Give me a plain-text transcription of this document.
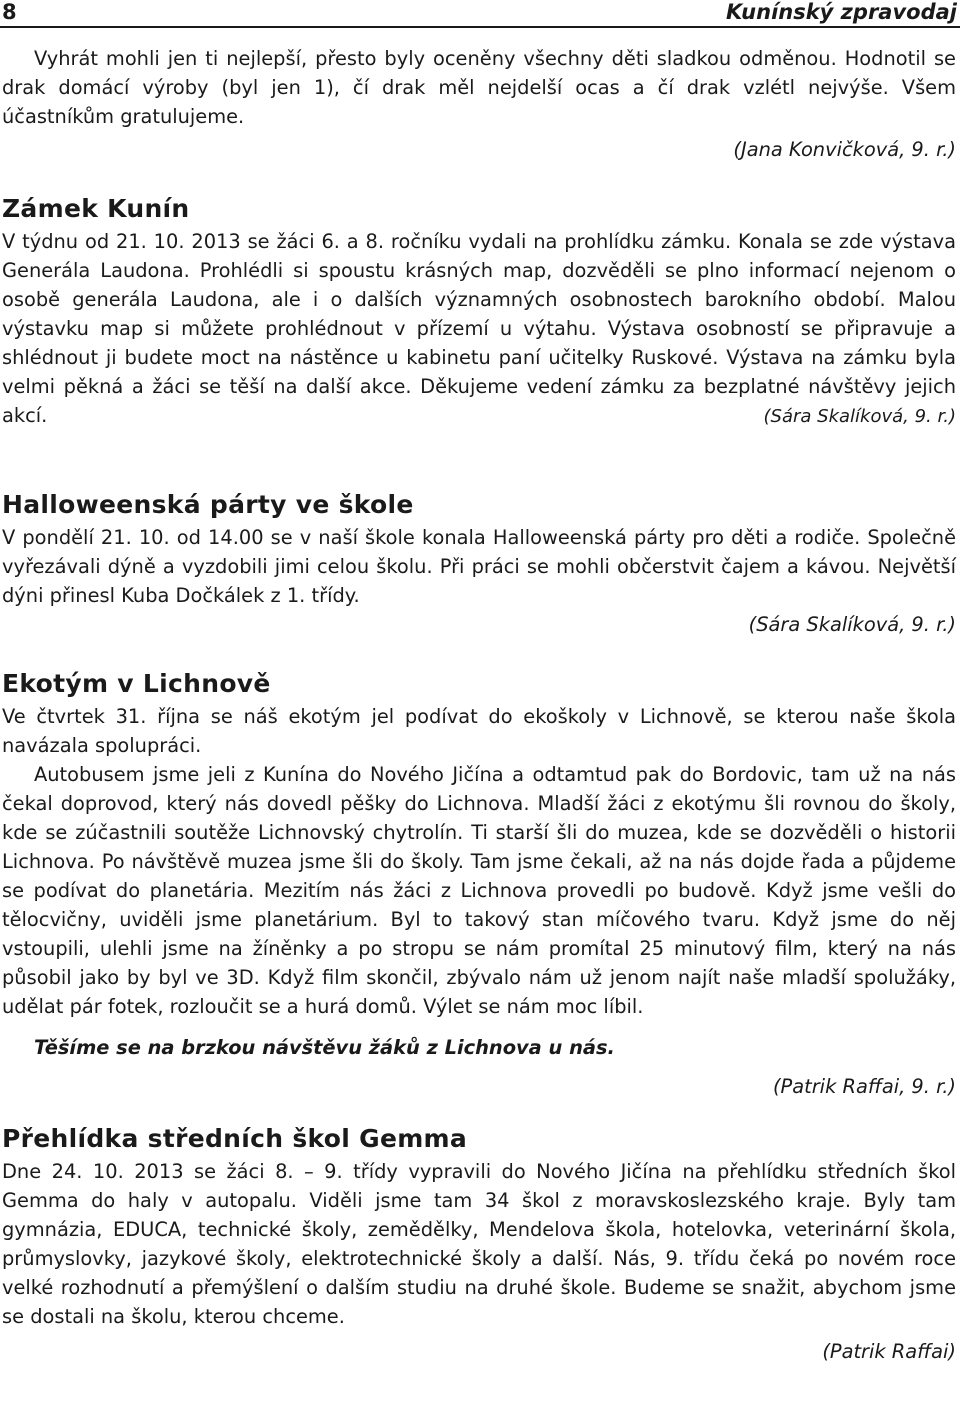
8	Kunínský zpravodaj

Vyhrát mohli jen ti nejlepší, přesto byly oceněny všechny děti sladkou odměnou. Hodnotil se drak domácí výroby (byl jen 1), čí drak měl nejdelší ocas a čí drak vzlétl nejvýše. Všem účastníkům gratulujeme.

(Jana Konvičková, 9. r.)

Zámek Kunín

V týdnu od 21. 10. 2013 se žáci 6. a 8. ročníku vydali na prohlídku zámku. Konala se zde výstava Generála Laudona. Prohlédli si spoustu krásných map, dozvěděli se plno informací nejenom o osobě generála Laudona, ale i o dalších významných osobnostech barokního období. Malou výstavku map si můžete prohlédnout v přízemí u výtahu. Výstava osobností se připravuje a shlédnout ji budete moct na nástěnce u kabinetu paní učitelky Ruskové. Výstava na zámku byla velmi pěkná a žáci se těší na další akce. Děkujeme vedení zámku za bezplatné návštěvy jejich akcí.	(Sára Skalíková, 9. r.)

Halloweenská párty ve škole

V pondělí 21. 10. od 14.00 se v naší škole konala Halloweenská párty pro děti a rodiče. Společně vyřezávali dýně a vyzdobili jimi celou školu. Při práci se mohli občerstvit čajem a kávou. Největší dýni přinesl Kuba Dočkálek z 1. třídy.

(Sára Skalíková, 9. r.)

Ekotým v Lichnově

Ve čtvrtek 31. října se náš ekotým jel podívat do ekoškoly v Lichnově, se kterou naše škola navázala spolupráci.

Autobusem jsme jeli z Kunína do Nového Jičína a odtamtud pak do Bordovic, tam už na nás čekal doprovod, který nás dovedl pěšky do Lichnova. Mladší žáci z ekotýmu šli rovnou do školy, kde se zúčastnili soutěže Lichnovský chytrolín. Ti starší šli do muzea, kde se dozvěděli o historii Lichnova. Po návštěvě muzea jsme šli do školy. Tam jsme čekali, až na nás dojde řada a půjdeme se podívat do planetária. Mezitím nás žáci z Lichnova provedli po budově. Když jsme vešli do tělocvičny, uviděli jsme planetárium. Byl to takový stan míčového tvaru. Když jsme do něj vstoupili, ulehli jsme na žíněnky a po stropu se nám promítal 25 minutový film, který na nás působil jako by byl ve 3D. Když film skončil, zbývalo nám už jenom najít naše mladší spolužáky, udělat pár fotek, rozloučit se a hurá domů. Výlet se nám moc líbil.

Těšíme se na brzkou návštěvu žáků z Lichnova u nás.

(Patrik Raffai, 9. r.)

Přehlídka středních škol Gemma

Dne 24. 10. 2013 se žáci 8. – 9. třídy vypravili do Nového Jičína na přehlídku středních škol Gemma do haly v autopalu. Viděli jsme tam 34 škol z moravskoslezského kraje. Byly tam gymnázia, EDUCA, technické školy, zemědělky, Mendelova škola, hotelovka, veterinární škola, průmyslovky, jazykové školy, elektrotechnické školy a další. Nás, 9. třídu čeká po novém roce velké rozhodnutí a přemýšlení o dalším studiu na druhé škole. Budeme se snažit, abychom jsme se dostali na školu, kterou chceme.

(Patrik Raffai)
